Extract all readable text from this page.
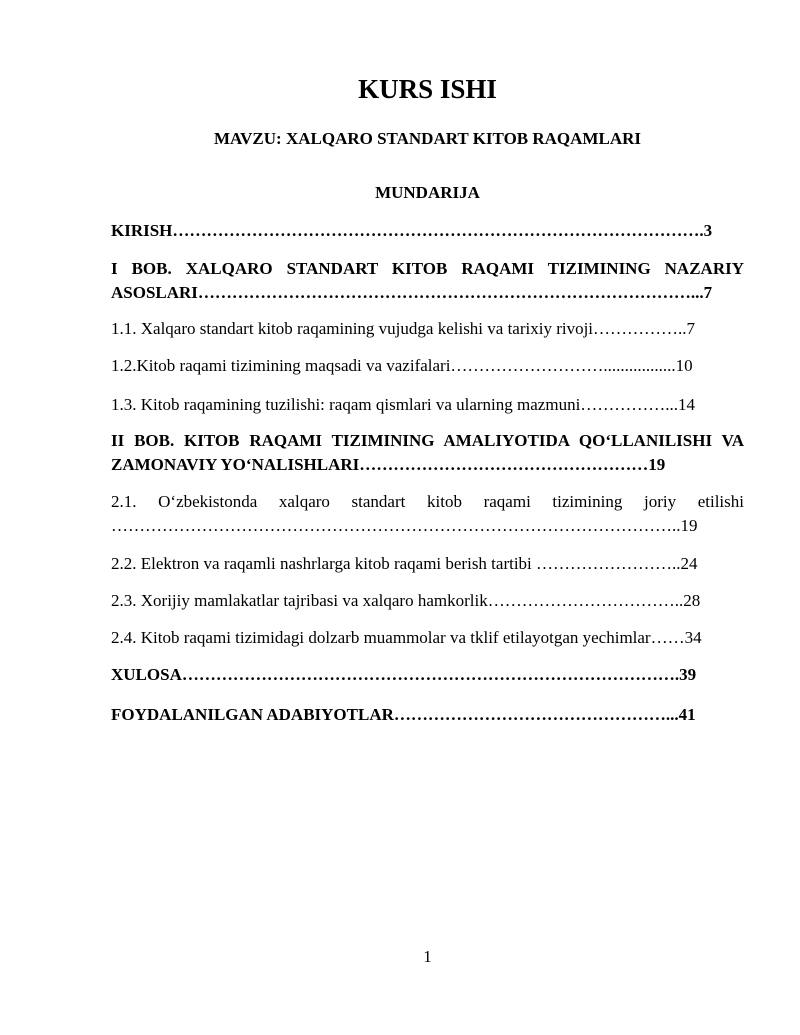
KURS ISHI
MAVZU: XALQARO STANDART KITOB RAQAMLARI
MUNDARIJA
KIRISH………………………………………………………………………………….3
I BOB. XALQARO STANDART KITOB RAQAMI TIZIMINING NAZARIY ASOSLARI……………………………………………………………………………...7
1.1. Xalqaro standart kitob raqamining vujudga kelishi va tarixiy rivoji……………..7
1.2.Kitob raqami tizimining maqsadi va vazifalari……………………….................10
1.3. Kitob raqamining tuzilishi: raqam qismlari va ularning mazmuni……………...14
II BOB. KITOB RAQAMI TIZIMINING AMALIYOTIDA QO‘LLANILISHI VA ZAMONAVIY YO‘NALISHLARI……………………………………………19
2.1. O‘zbekistonda xalqaro standart kitob raqami tizimining joriy etilishi ………………………………………………………………………………………..19
2.2. Elektron va raqamli nashrlarga kitob raqami berish tartibi ……………………..24
2.3. Xorijiy mamlakatlar tajribasi va xalqaro hamkorlik……………………………..28
2.4. Kitob raqami tizimidagi dolzarb muammolar va tklif etilayotgan yechimlar……34
XULOSA…………………………………………………………………………….39
FOYDALANILGAN ADABIYOTLAR…………………………………………...41
1
